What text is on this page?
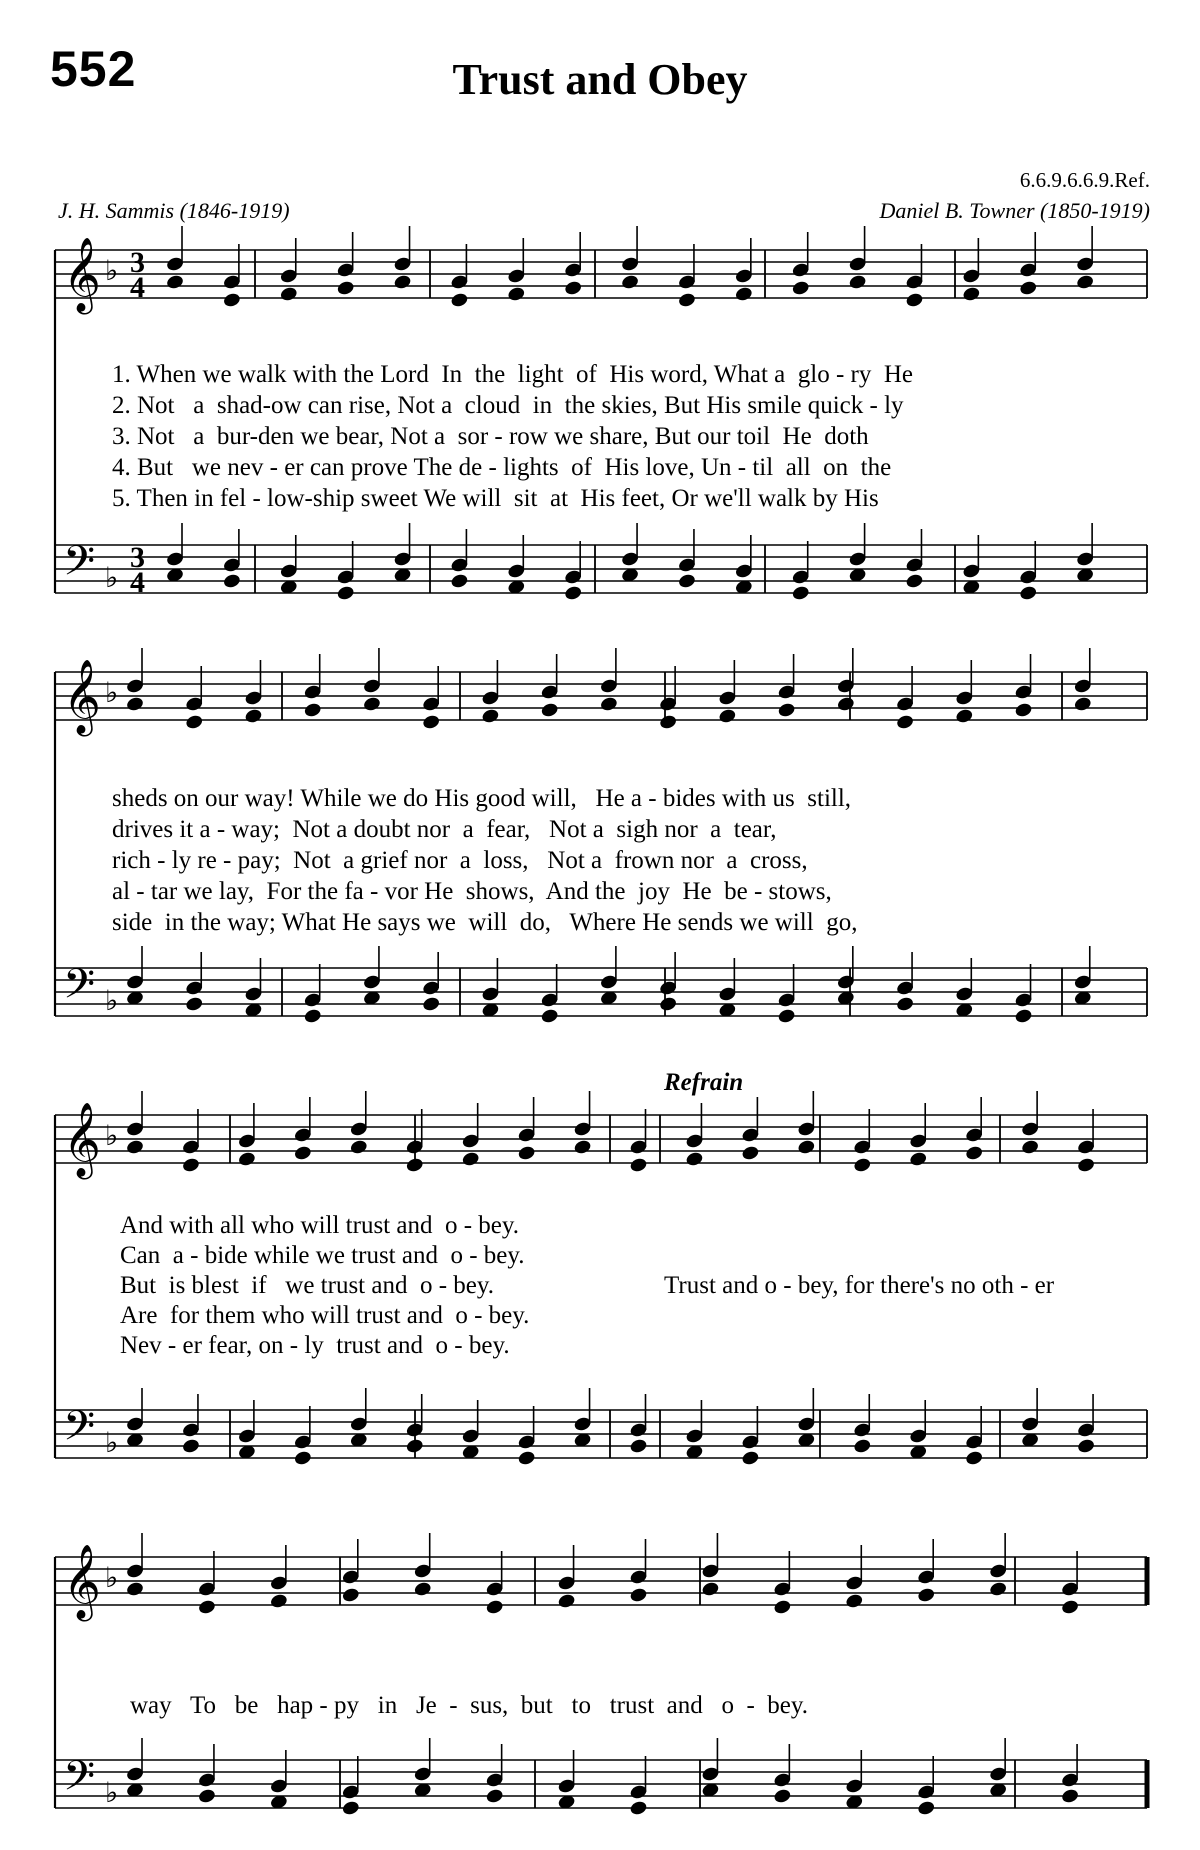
552	Trust and Obey
6.6.9.6.6.9.Ref.
J. H. Sammis (1846-1919)	Daniel B. Towner (1850-1919)
𝄞 ♭ 3
4
𝄢 ♭
3
4
𝄞 ♭
𝄢 ♭
𝄞 ♭
𝄢 ♭
𝄞 ♭
𝄢 ♭
1. When we walk with the Lord  In  the  light  of  His word, What a  glo - ry  He
2. Not   a  shad-ow can rise, Not a  cloud  in  the skies, But His smile quick - ly
3. Not   a  bur-den we bear, Not a  sor - row we share, But our toil  He  doth
4. But   we nev - er can prove The de - lights  of  His love, Un - til  all  on  the
5. Then in fel - low-ship sweet We will  sit  at  His feet, Or we'll walk by His
sheds on our way! While we do His good will,   He a - bides with us  still,
drives it a - way;  Not a doubt nor  a  fear,   Not a  sigh nor  a  tear,
rich - ly re - pay;  Not  a grief nor  a  loss,   Not a  frown nor  a  cross,
al - tar we lay,  For the fa - vor He  shows,  And the  joy  He  be - stows,
side  in the way; What He says we  will  do,   Where He sends we will  go,
Refrain
And with all who will trust and  o - bey.
Can  a - bide while we trust and  o - bey.
But  is blest  if   we trust and  o - bey.
Are  for them who will trust and  o - bey.
Nev - er fear, on - ly  trust and  o - bey.
Trust and o - bey, for there's no oth - er
way   To   be   hap - py   in   Je  -  sus,  but   to   trust  and   o  -  bey.
